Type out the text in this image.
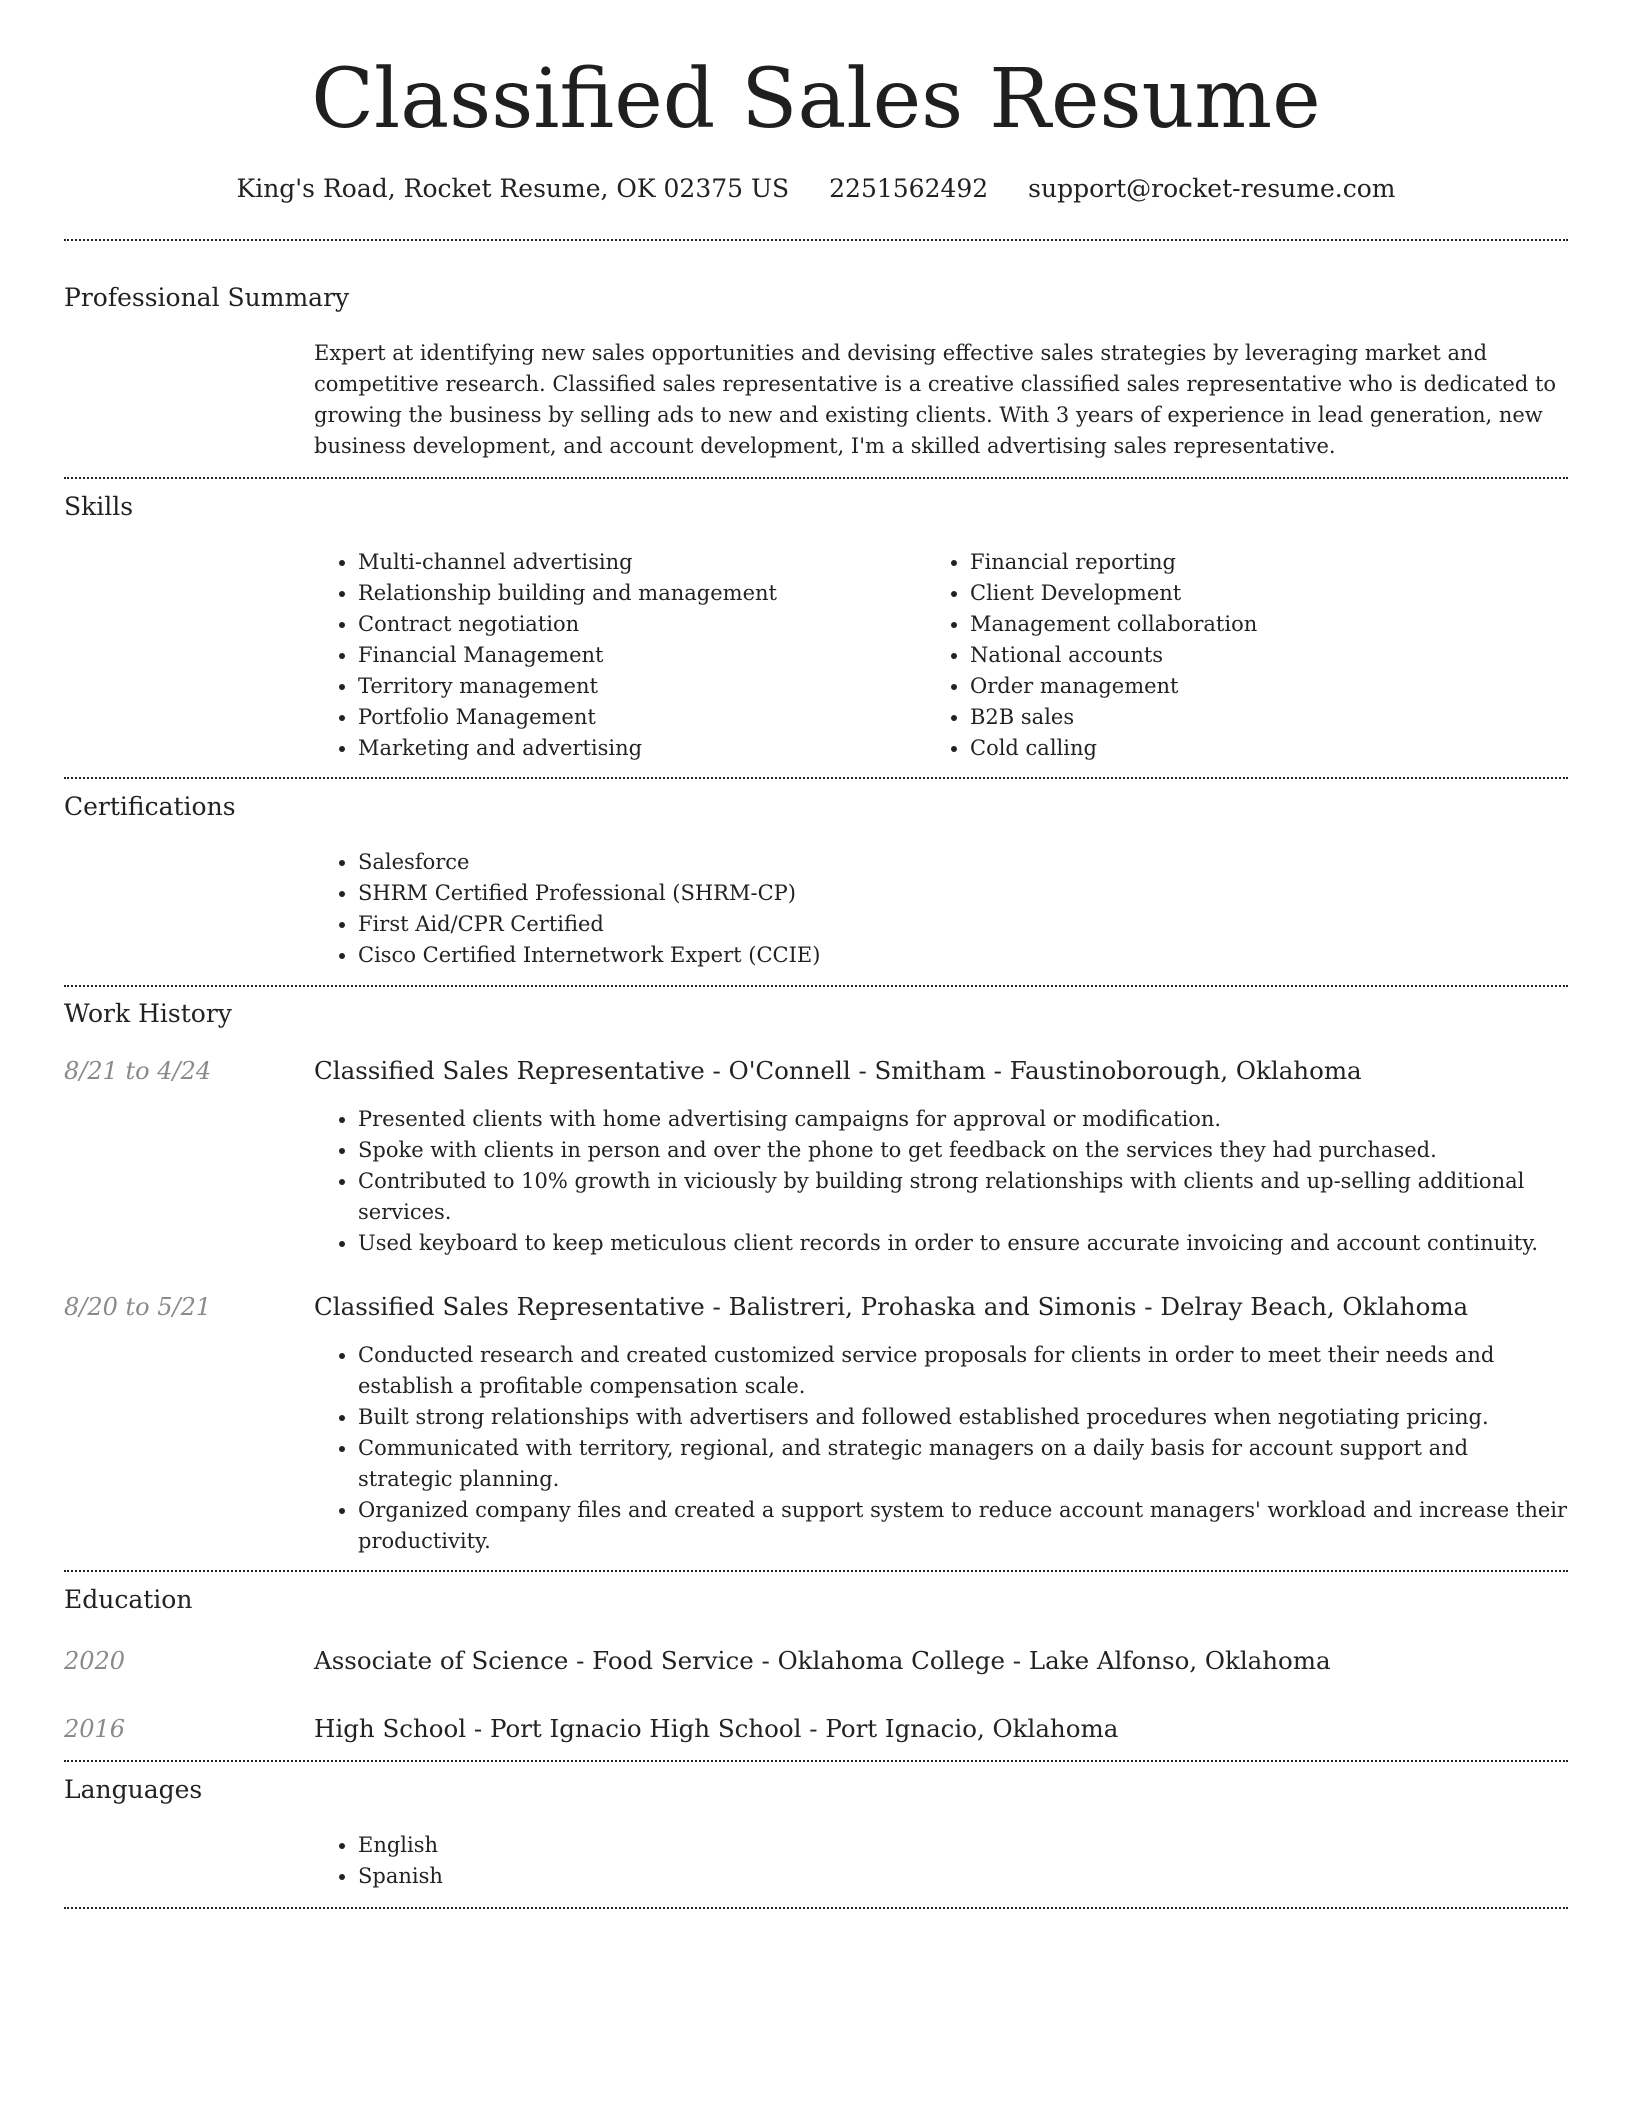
Classified Sales Resume
King's Road, Rocket Resume, OK 02375 US 2251562492 support@rocket-resume.com
Professional Summary
Expert at identifying new sales opportunities and devising effective sales strategies by leveraging market and competitive research. Classified sales representative is a creative classified sales representative who is dedicated to growing the business by selling ads to new and existing clients. With 3 years of experience in lead generation, new business development, and account development, I'm a skilled advertising sales representative.
Skills
• Multi-channel advertising
• Relationship building and management
• Contract negotiation
• Financial Management
• Territory management
• Portfolio Management
• Marketing and advertising
• Financial reporting
• Client Development
• Management collaboration
• National accounts
• Order management
• B2B sales
• Cold calling
Certifications
• Salesforce
• SHRM Certified Professional (SHRM-CP)
• First Aid/CPR Certified
• Cisco Certified Internetwork Expert (CCIE)
Work History
8/21 to 4/24	Classified Sales Representative - O'Connell - Smitham - Faustinoborough, Oklahoma
• Presented clients with home advertising campaigns for approval or modification.
• Spoke with clients in person and over the phone to get feedback on the services they had purchased.
• Contributed to 10% growth in viciously by building strong relationships with clients and up-selling additional services.
• Used keyboard to keep meticulous client records in order to ensure accurate invoicing and account continuity.
8/20 to 5/21	Classified Sales Representative - Balistreri, Prohaska and Simonis - Delray Beach, Oklahoma
• Conducted research and created customized service proposals for clients in order to meet their needs and establish a profitable compensation scale.
• Built strong relationships with advertisers and followed established procedures when negotiating pricing.
• Communicated with territory, regional, and strategic managers on a daily basis for account support and strategic planning.
• Organized company files and created a support system to reduce account managers' workload and increase their productivity.
Education
2020	Associate of Science - Food Service - Oklahoma College - Lake Alfonso, Oklahoma
2016	High School - Port Ignacio High School - Port Ignacio, Oklahoma
Languages
• English
• Spanish
